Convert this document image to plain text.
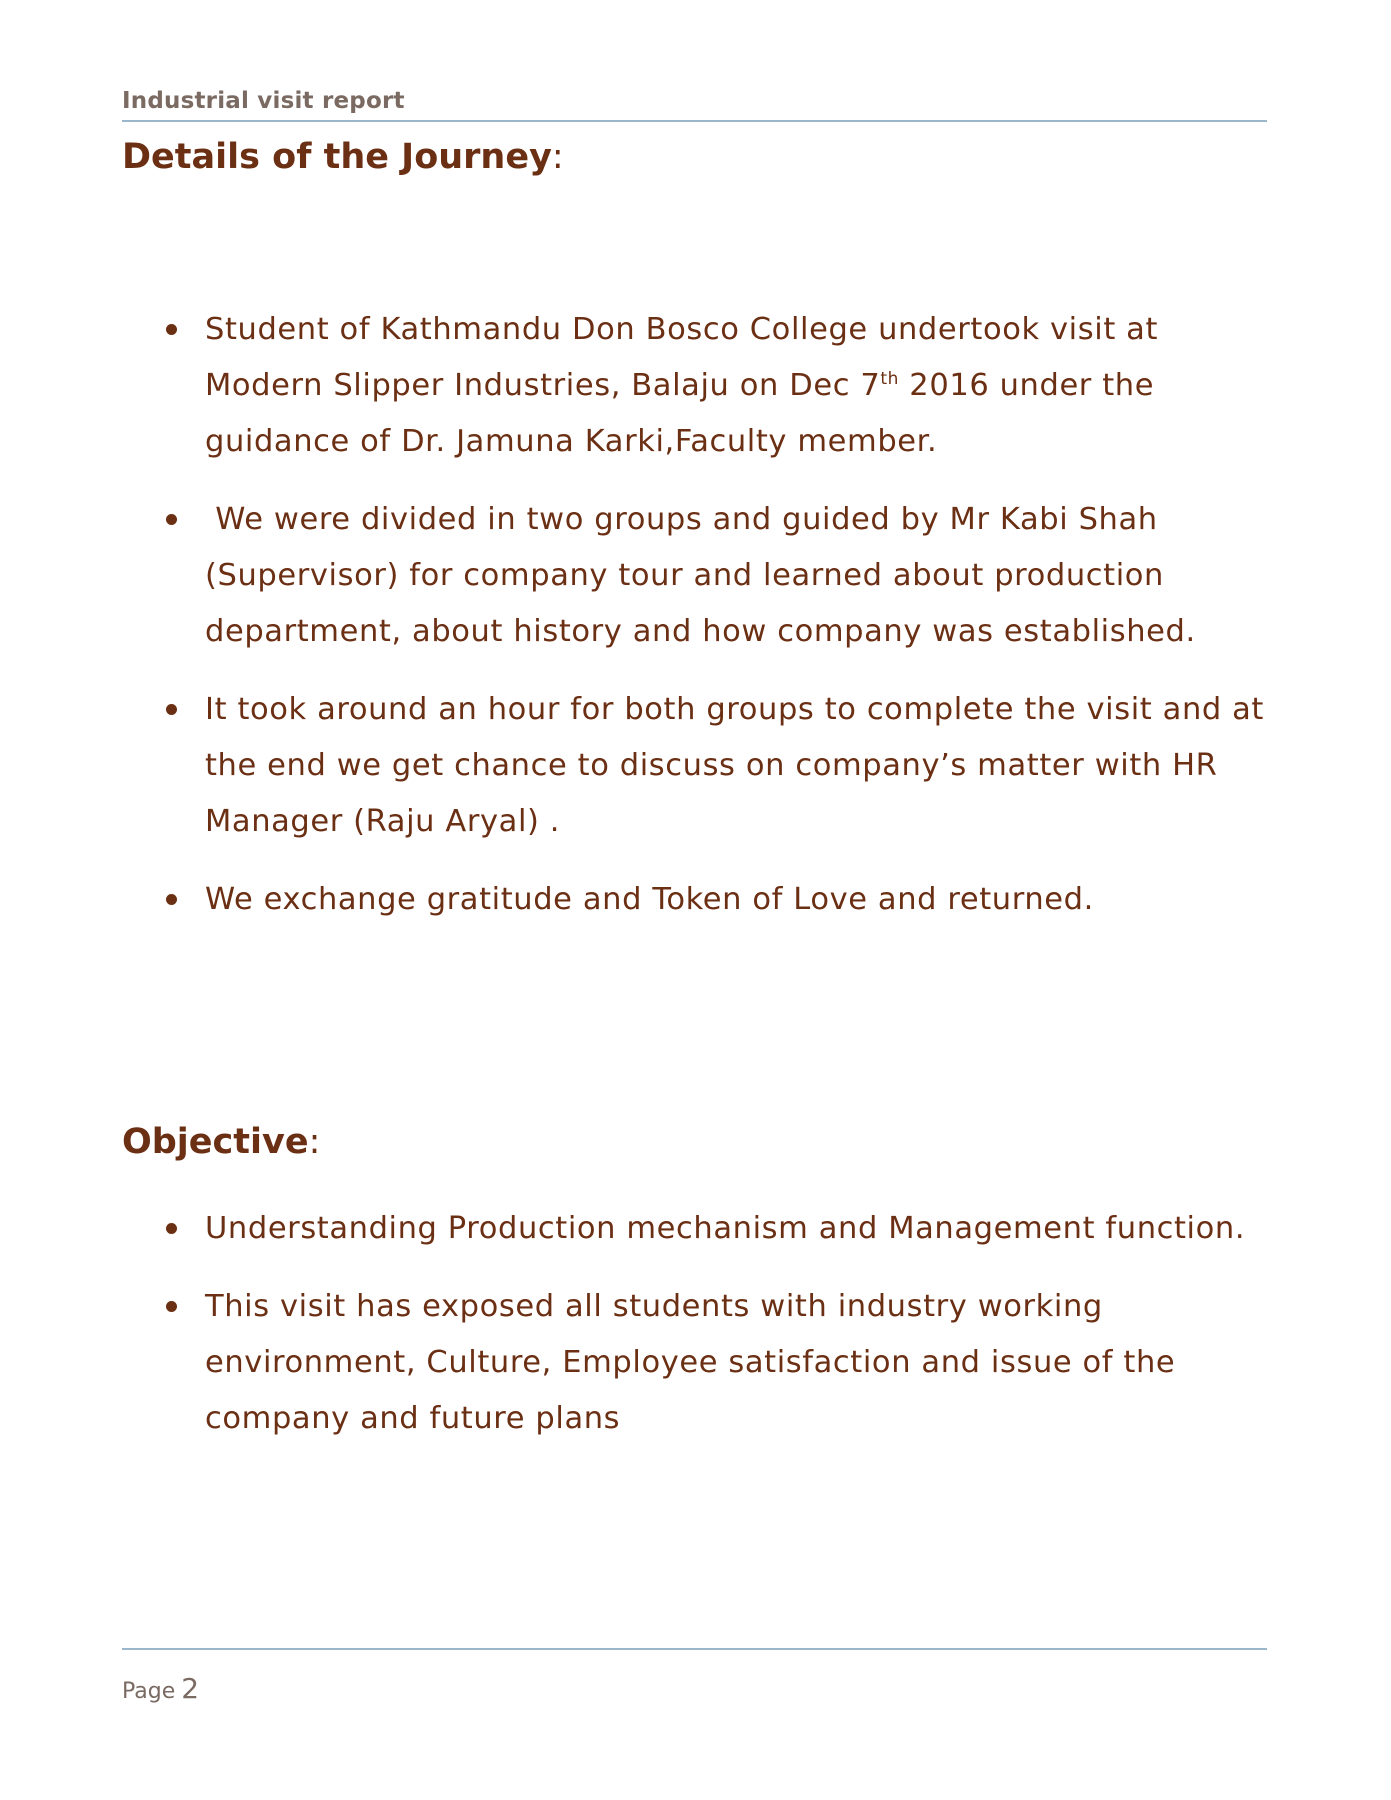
Industrial visit report
Details of the Journey:
Student of Kathmandu Don Bosco College undertook visit at Modern Slipper Industries, Balaju on Dec 7th 2016 under the guidance of Dr. Jamuna Karki,Faculty member.
We were divided in two groups and guided by Mr Kabi Shah (Supervisor) for company tour and learned about production department, about history and how company was established.
It took around an hour for both groups to complete the visit and at the end we get chance to discuss on company’s matter with HR Manager (Raju Aryal) .
We exchange gratitude and Token of Love and returned.
Objective:
Understanding Production mechanism and Management function.
This visit has exposed all students with industry working environment, Culture, Employee satisfaction and issue of the company and future plans
Page 2
